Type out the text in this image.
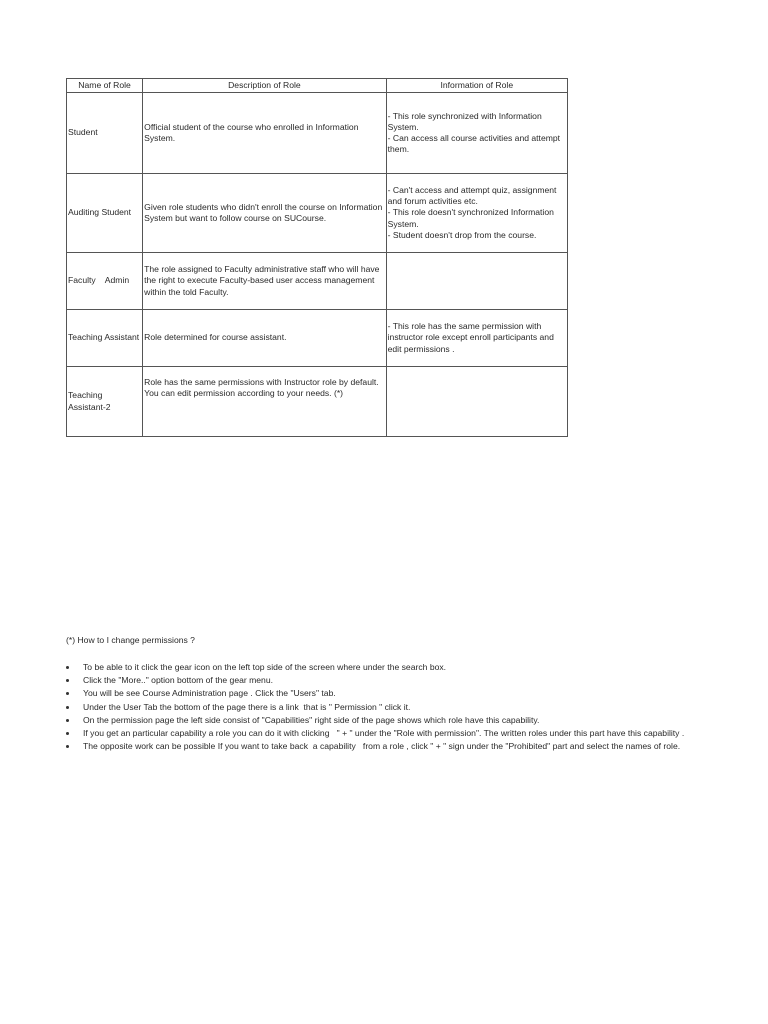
Name of Role	Description of Role	Information of Role
Student	Official student of the course who enrolled in Information System.	- This role synchronized with Information System.
- Can access all course activities and attempt them.

Auditing Student	Given role students who didn't enroll the course on Information System but want to follow course on SUCourse.	- Can't access and attempt quiz, assignment and forum activities etc.
- This role doesn't synchronized Information System.
- Student doesn't drop from the course.

Faculty    Admin	The role assigned to Faculty administrative staff who will have the right to execute Faculty-based user access management within the told Faculty.	
Teaching Assistant	Role determined for course assistant.	- This role has the same permission with instructor role except enroll participants and edit permissions .

Teaching Assistant-2	Role has the same permissions with Instructor role by default. You can edit permission according to your needs. (*)	

(*) How to I change permissions ?

To be able to it click the gear icon on the left top side of the screen where under the search box.
Click the "More.." option bottom of the gear menu.
You will be see Course Administration page . Click the "Users" tab.
Under the User Tab the bottom of the page there is a link  that is " Permission " click it.
On the permission page the left side consist of "Capabilities" right side of the page shows which role have this capability.
If you get an particular capability a role you can do it with clicking   " + " under the "Role with permission". The written roles under this part have this capability .
The opposite work can be possible If you want to take back  a capability   from a role , click " + " sign under the "Prohibited" part and select the names of role.
